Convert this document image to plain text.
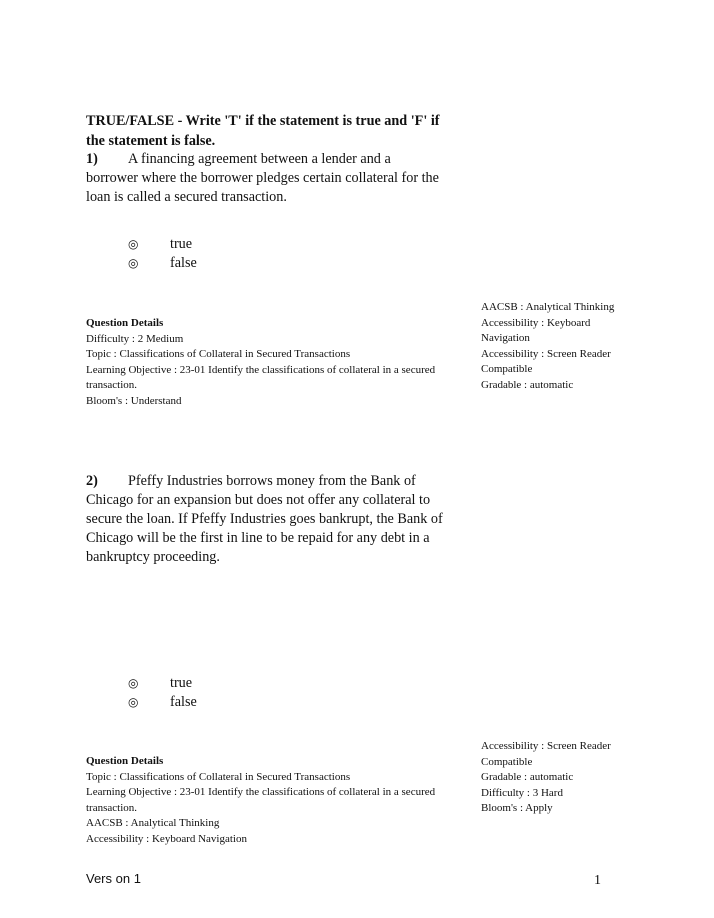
TRUE/FALSE - Write 'T' if the statement is true and 'F' if the statement is false.
1) A financing agreement between a lender and a borrower where the borrower pledges certain collateral for the loan is called a secured transaction.
◎ true
◎ false
Question Details
Difficulty : 2 Medium
Topic : Classifications of Collateral in Secured Transactions
Learning Objective : 23-01 Identify the classifications of collateral in a secured transaction.
Bloom's : Understand
AACSB : Analytical Thinking
Accessibility : Keyboard Navigation
Accessibility : Screen Reader Compatible
Gradable : automatic
2) Pfeffy Industries borrows money from the Bank of Chicago for an expansion but does not offer any collateral to secure the loan. If Pfeffy Industries goes bankrupt, the Bank of Chicago will be the first in line to be repaid for any debt in a bankruptcy proceeding.
◎ true
◎ false
Question Details
Topic : Classifications of Collateral in Secured Transactions
Learning Objective : 23-01 Identify the classifications of collateral in a secured transaction.
AACSB : Analytical Thinking
Accessibility : Keyboard Navigation
Accessibility : Screen Reader Compatible
Gradable : automatic
Difficulty : 3 Hard
Bloom's : Apply
Vers on 1	1
